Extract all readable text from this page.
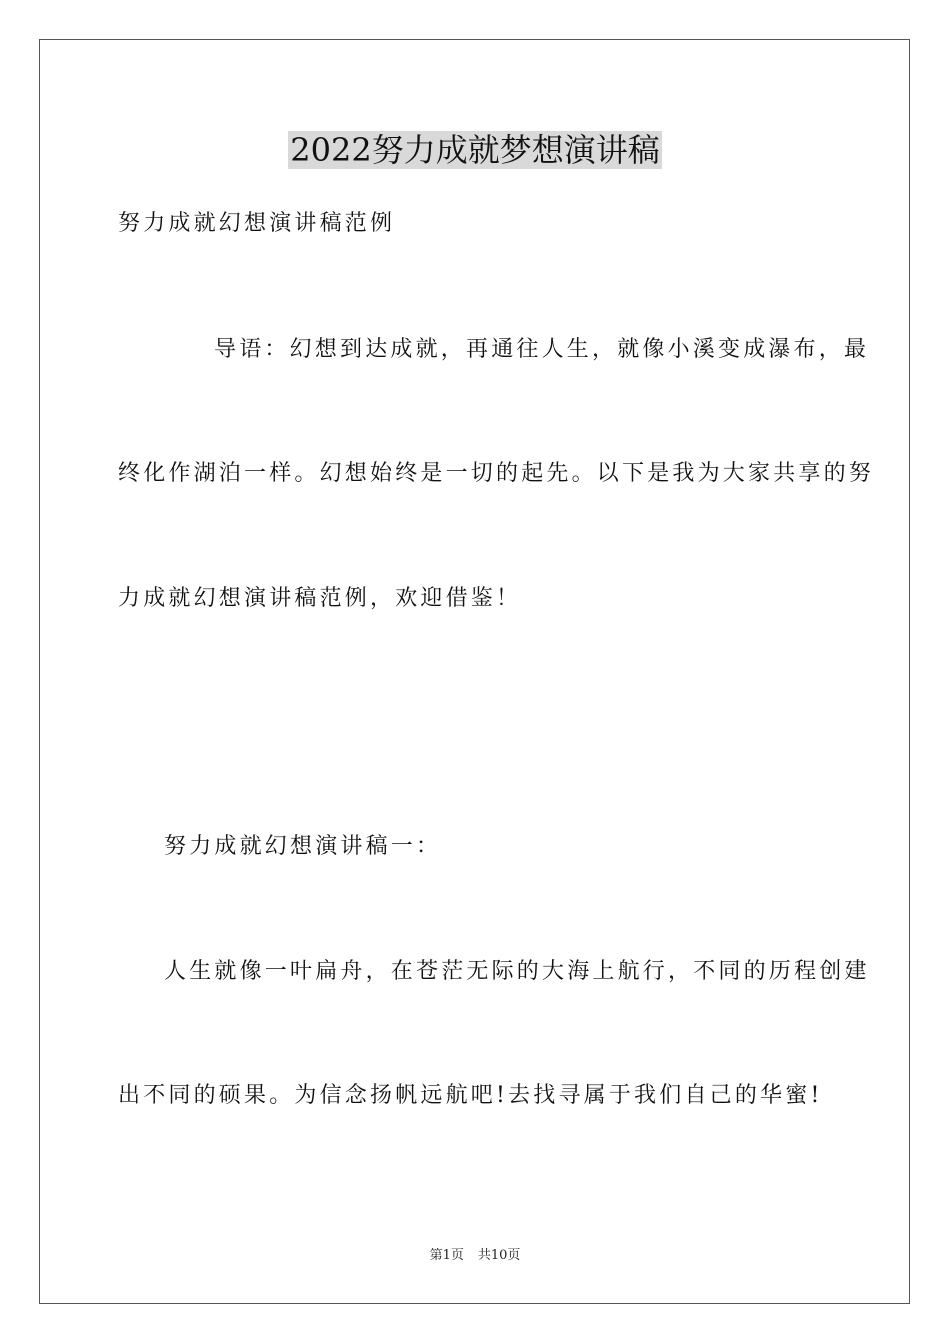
2022努力成就梦想演讲稿
努力成就幻想演讲稿范例
导语：幻想到达成就，再通往人生，就像小溪变成瀑布，最
终化作湖泊一样。幻想始终是一切的起先。以下是我为大家共享的努
力成就幻想演讲稿范例，欢迎借鉴！
努力成就幻想演讲稿一：
人生就像一叶扁舟，在苍茫无际的大海上航行，不同的历程创建
出不同的硕果。为信念扬帆远航吧!去找寻属于我们自己的华蜜!
第1页 共10页
